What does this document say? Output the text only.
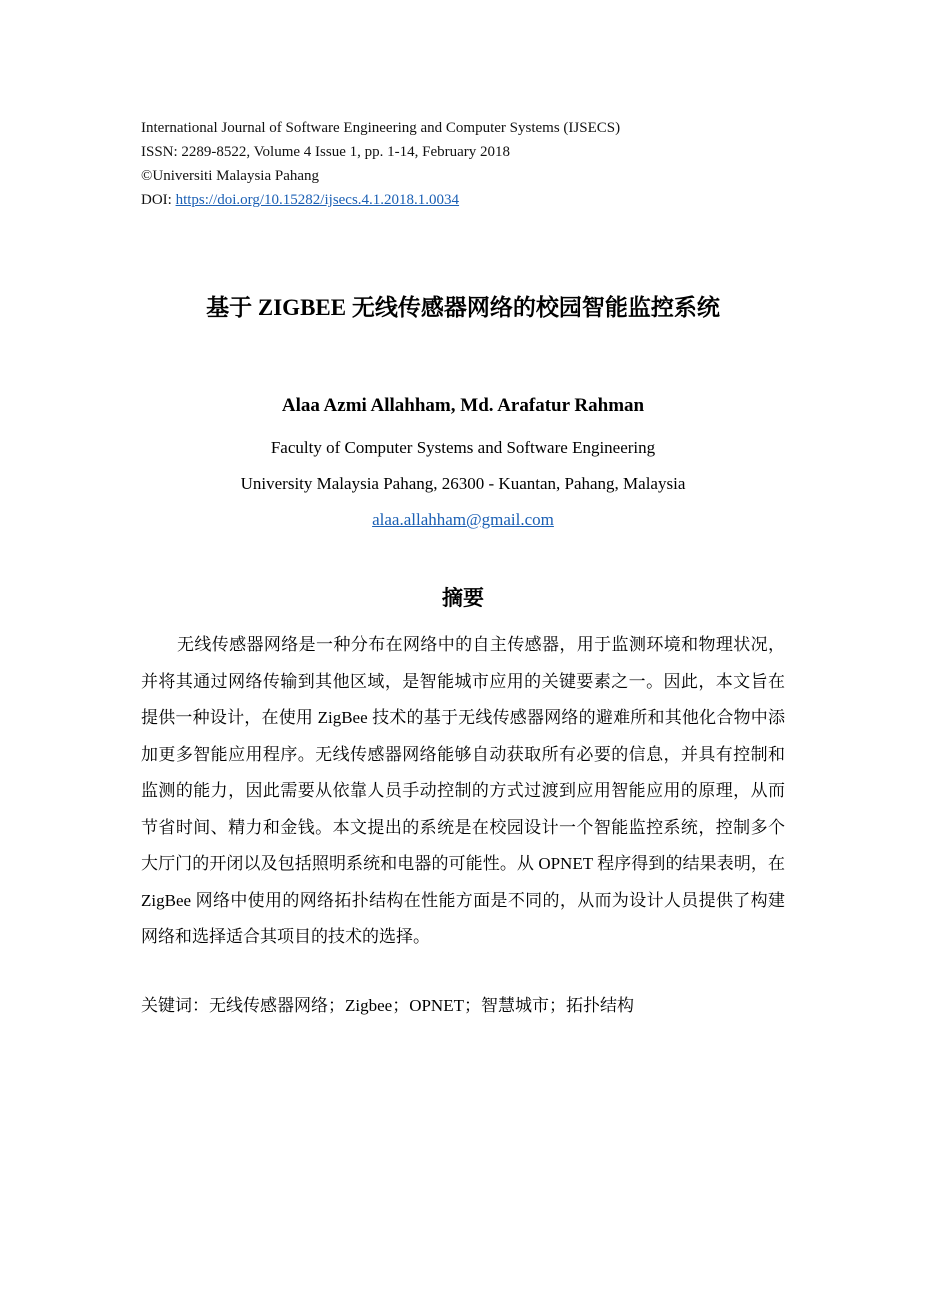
International Journal of Software Engineering and Computer Systems (IJSECS)
ISSN: 2289-8522, Volume 4 Issue 1, pp. 1-14, February 2018
©Universiti Malaysia Pahang
DOI: https://doi.org/10.15282/ijsecs.4.1.2018.1.0034
基于 ZIGBEE 无线传感器网络的校园智能监控系统
Alaa Azmi Allahham, Md. Arafatur Rahman
Faculty of Computer Systems and Software Engineering
University Malaysia Pahang, 26300 - Kuantan, Pahang, Malaysia
alaa.allahham@gmail.com
摘要
无线传感器网络是一种分布在网络中的自主传感器，用于监测环境和物理状况，并将其通过网络传输到其他区域，是智能城市应用的关键要素之一。因此，本文旨在提供一种设计，在使用 ZigBee 技术的基于无线传感器网络的避难所和其他化合物中添加更多智能应用程序。无线传感器网络能够自动获取所有必要的信息，并具有控制和监测的能力，因此需要从依靠人员手动控制的方式过渡到应用智能应用的原理，从而节省时间、精力和金钱。本文提出的系统是在校园设计一个智能监控系统，控制多个大厅门的开闭以及包括照明系统和电器的可能性。从 OPNET 程序得到的结果表明，在 ZigBee 网络中使用的网络拓扑结构在性能方面是不同的，从而为设计人员提供了构建网络和选择适合其项目的技术的选择。
关键词：无线传感器网络；Zigbee；OPNET；智慧城市；拓扑结构
